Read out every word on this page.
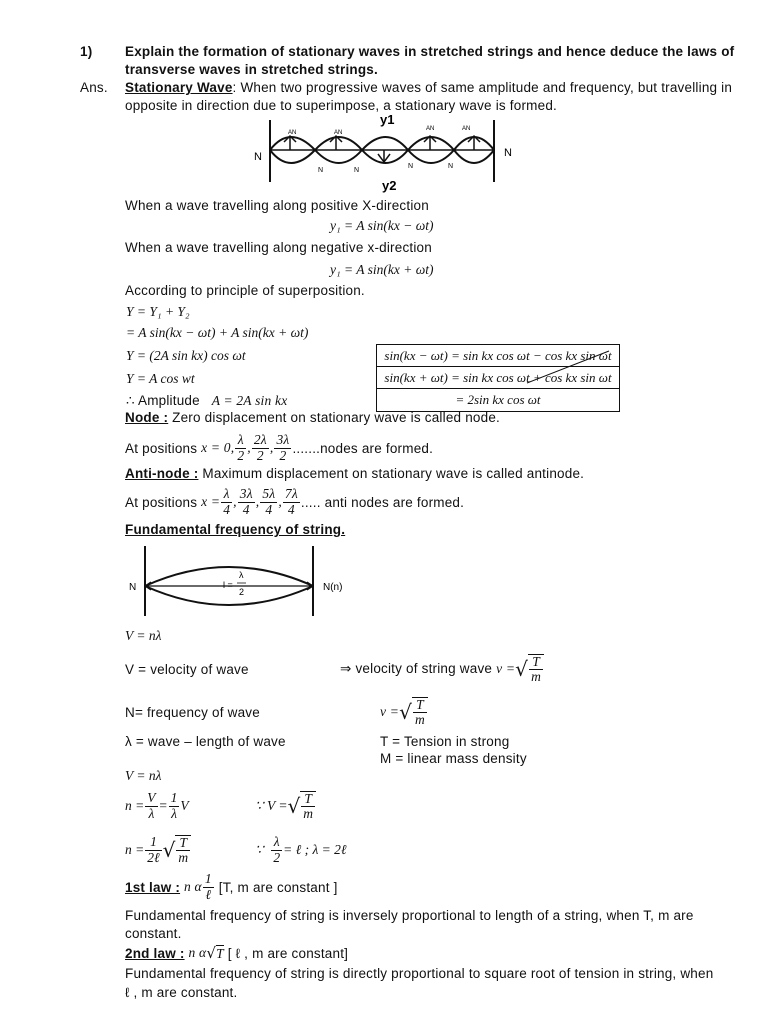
1) Explain the formation of stationary waves in stretched strings and hence deduce the laws of
transverse waves in stretched strings.
Ans. Stationary Wave: When two progressive waves of same amplitude and frequency, but travelling in
opposite in direction due to superimpose, a stationary wave is formed.
AN	AN
AN	AN
N	N
N	N
N	N
y1
y2
When a wave travelling along positive X-direction
y₁ = A sin(kx − ωt)
When a wave travelling along negative x-direction
y₁ = A sin(kx + ωt)
According to principle of superposition.
Y = Y₁ + Y₂
= A sin(kx − ωt) + A sin(kx + ωt)
Y = (2A sin kx) cos ωt
Y = A cos wt
∴ Amplitude A = 2A sin kx
sin(kx − ωt) = sin kx cos ωt − cos kx sin ωt
sin(kx + ωt) = sin kx cos ωt + cos kx sin ωt
= 2sin kx cos ωt
Node : Zero displacement on stationary wave is called node.
At positions
x = 0, $\frac{\lambda}{2}$ , $\frac{2\lambda}{2}$ , $\frac{3\lambda}{2}$ .......nodes are formed.
Anti-node : Maximum displacement on stationary wave is called antinode.
At positions
$x = \frac{\lambda}{4}$ , $\frac{3\lambda}{4}$ , $\frac{5\lambda}{4}$ , $\frac{7\lambda}{4}$ ..... anti nodes are formed.
Fundamental frequency of string.
N	N(n)
l =
λ
2
V = nλ
V = velocity of wave	⇒ velocity of string wave
v = √ $\frac{T}{m}$
N= frequency of wave	v = √ $\frac{T}{m}$
λ = wave – length of wave	T = Tension in strong
M = linear mass density
V = nλ
$n = \frac{V}{\lambda} = \frac{1}{\lambda}$ V	∵
V = √ $\frac{T}{m}$
n =
1
2ℓ √ $\frac{T}{m}$	∵
$\frac{\lambda}{2}$ = ℓ ; λ = 2ℓ
1st law :
n α
1
ℓ
[T, m are constant ]
Fundamental frequency of string is inversely proportional to length of a string, when T, m are
constant.
2nd law :
n α √T
[ ℓ , m are constant]
Fundamental frequency of string is directly proportional to square root of tension in string, when
ℓ , m are constant.
